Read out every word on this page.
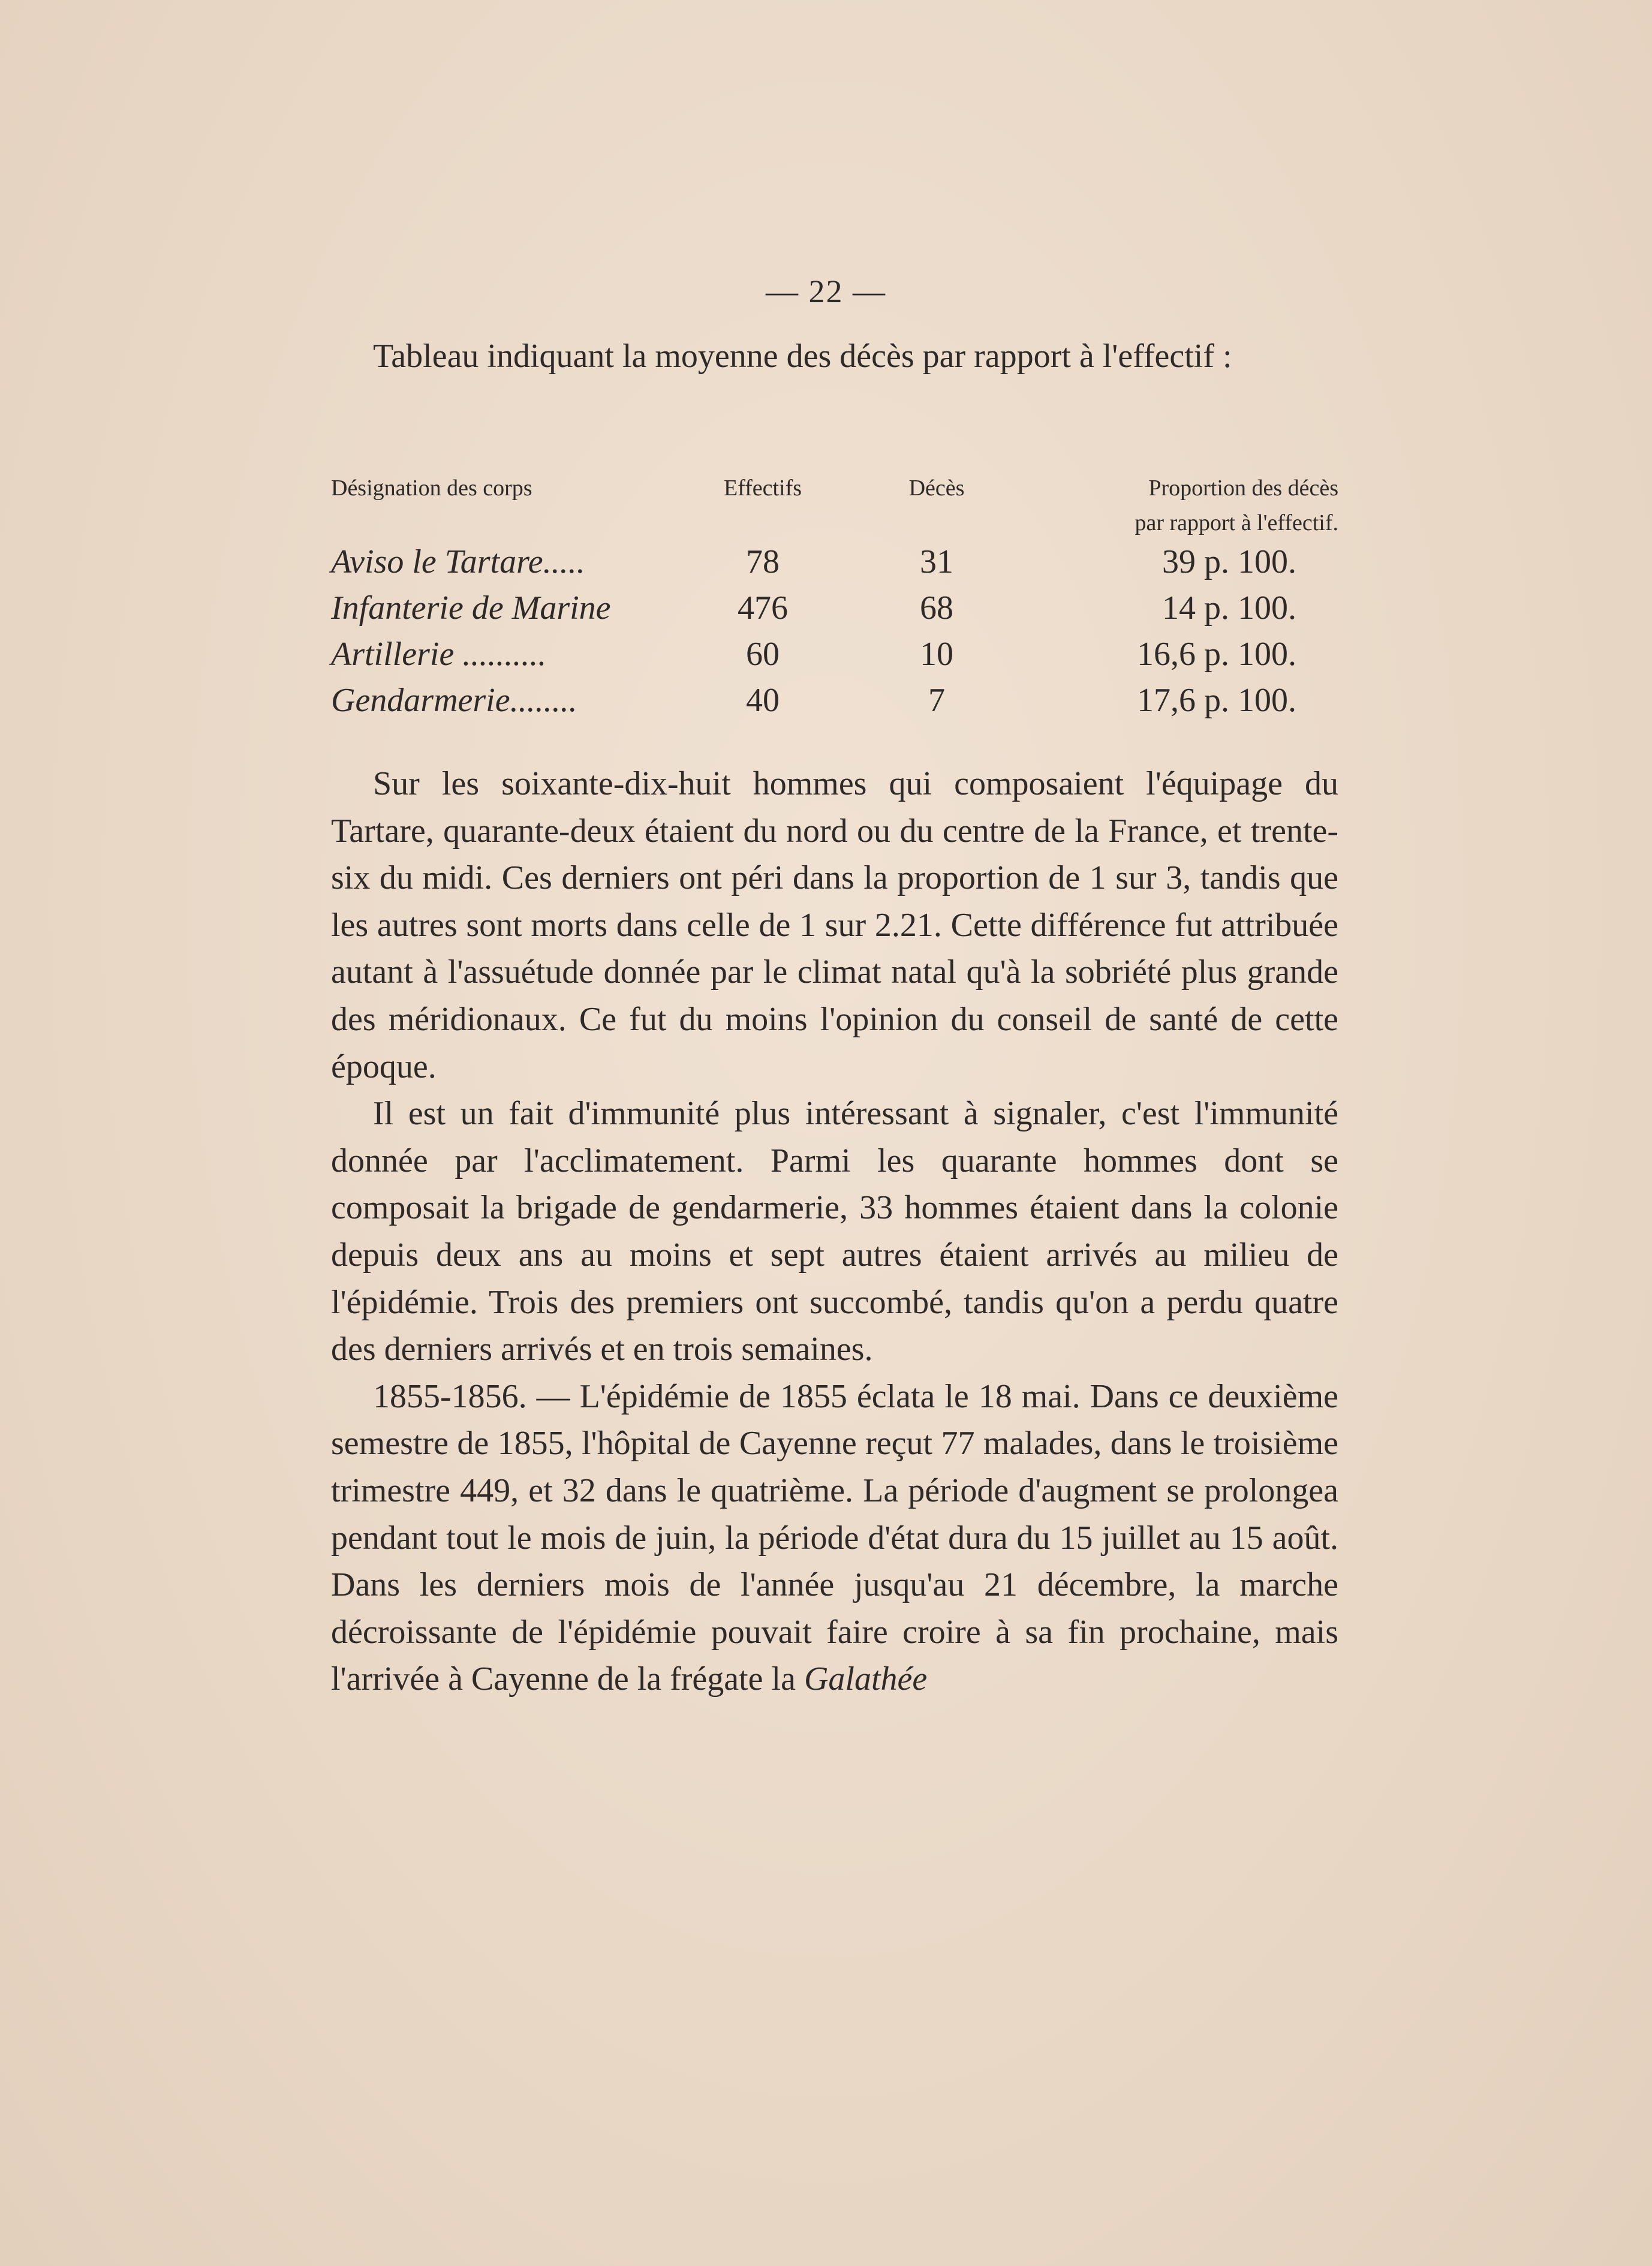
— 22 —

Tableau indiquant la moyenne des décès par rapport à l'effectif :

Désignation des corps	Effectifs	Décès	Proportion des décès
par rapport à l'effectif.
Aviso le Tartare.....	78	31	39 p. 100.
Infanterie de Marine	476	68	14 p. 100.
Artillerie ..........	60	10	16,6 p. 100.
Gendarmerie........	40	7	17,6 p. 100.

Sur les soixante-dix-huit hommes qui composaient l'équipage du Tartare, quarante-deux étaient du nord ou du centre de la France, et trente-six du midi. Ces derniers ont péri dans la proportion de 1 sur 3, tandis que les autres sont morts dans celle de 1 sur 2.21. Cette différence fut attribuée autant à l'assuétude donnée par le climat natal qu'à la sobriété plus grande des méridionaux. Ce fut du moins l'opinion du conseil de santé de cette époque.

Il est un fait d'immunité plus intéressant à signaler, c'est l'immunité donnée par l'acclimatement. Parmi les quarante hommes dont se composait la brigade de gendarmerie, 33 hommes étaient dans la colonie depuis deux ans au moins et sept autres étaient arrivés au milieu de l'épidémie. Trois des premiers ont succombé, tandis qu'on a perdu quatre des derniers arrivés et en trois semaines.

1855-1856. — L'épidémie de 1855 éclata le 18 mai. Dans ce deuxième semestre de 1855, l'hôpital de Cayenne reçut 77 malades, dans le troisième trimestre 449, et 32 dans le quatrième. La période d'augment se prolongea pendant tout le mois de juin, la période d'état dura du 15 juillet au 15 août. Dans les derniers mois de l'année jusqu'au 21 décembre, la marche décroissante de l'épidémie pouvait faire croire à sa fin prochaine, mais l'arrivée à Cayenne de la frégate la Galathée
